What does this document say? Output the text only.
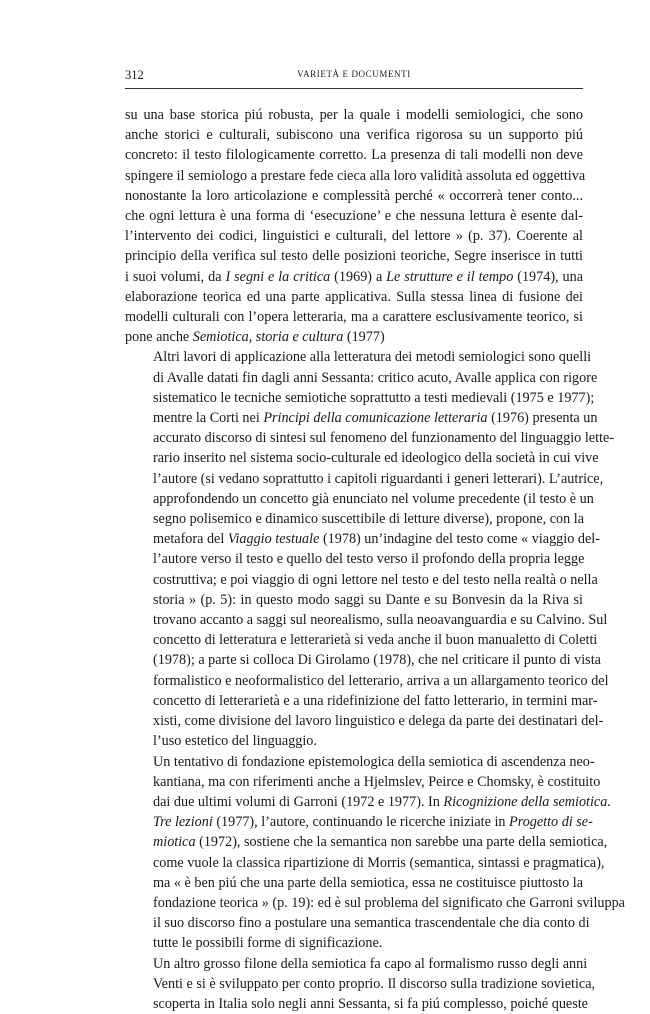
312	VARIETÀ E DOCUMENTI

su una base storica piú robusta, per la quale i modelli semiologici, che sono
anche storici e culturali, subiscono una verifica rigorosa su un supporto piú
concreto: il testo filologicamente corretto. La presenza di tali modelli non deve
spingere il semiologo a prestare fede cieca alla loro validità assoluta ed oggettiva
nonostante la loro articolazione e complessità perché « occorrerà tener conto...
che ogni lettura è una forma di ‘esecuzione’ e che nessuna lettura è esente dal-
l’intervento dei codici, linguistici e culturali, del lettore » (p. 37). Coerente al
principio della verifica sul testo delle posizioni teoriche, Segre inserisce in tutti
i suoi volumi, da I segni e la critica (1969) a Le strutture e il tempo (1974), una
elaborazione teorica ed una parte applicativa. Sulla stessa linea di fusione dei
modelli culturali con l’opera letteraria, ma a carattere esclusivamente teorico, si
pone anche Semiotica, storia e cultura (1977)

Altri lavori di applicazione alla letteratura dei metodi semiologici sono quelli
di Avalle datati fin dagli anni Sessanta: critico acuto, Avalle applica con rigore
sistematico le tecniche semiotiche soprattutto a testi medievali (1975 e 1977);
mentre la Corti nei Principi della comunicazione letteraria (1976) presenta un
accurato discorso di sintesi sul fenomeno del funzionamento del linguaggio lette-
rario inserito nel sistema socio-culturale ed ideologico della società in cui vive
l’autore (si vedano soprattutto i capitoli riguardanti i generi letterari). L’autrice,
approfondendo un concetto già enunciato nel volume precedente (il testo è un
segno polisemico e dinamico suscettibile di letture diverse), propone, con la
metafora del Viaggio testuale (1978) un’indagine del testo come « viaggio del-
l’autore verso il testo e quello del testo verso il profondo della propria legge
costruttiva; e poi viaggio di ogni lettore nel testo e del testo nella realtà o nella
storia » (p. 5): in questo modo saggi su Dante e su Bonvesin da la Riva si
trovano accanto a saggi sul neorealismo, sulla neoavanguardia e su Calvino. Sul
concetto di letteratura e letterarietà si veda anche il buon manualetto di Coletti
(1978); a parte si colloca Di Girolamo (1978), che nel criticare il punto di vista
formalistico e neoformalistico del letterario, arriva a un allargamento teorico del
concetto di letterarietà e a una ridefinizione del fatto letterario, in termini mar-
xisti, come divisione del lavoro linguistico e delega da parte dei destinatari del-
l’uso estetico del linguaggio.

Un tentativo di fondazione epistemologica della semiotica di ascendenza neo-
kantiana, ma con riferimenti anche a Hjelmslev, Peirce e Chomsky, è costituito
dai due ultimi volumi di Garroni (1972 e 1977). In Ricognizione della semiotica.
Tre lezioni (1977), l’autore, continuando le ricerche iniziate in Progetto di se-
miotica (1972), sostiene che la semantica non sarebbe una parte della semiotica,
come vuole la classica ripartizione di Morris (semantica, sintassi e pragmatica),
ma « è ben piú che una parte della semiotica, essa ne costituisce piuttosto la
fondazione teorica » (p. 19): ed è sul problema del significato che Garroni sviluppa
il suo discorso fino a postulare una semantica trascendentale che dia conto di
tutte le possibili forme di significazione.

Un altro grosso filone della semiotica fa capo al formalismo russo degli anni
Venti e si è sviluppato per conto proprio. Il discorso sulla tradizione sovietica,
scoperta in Italia solo negli anni Sessanta, si fa piú complesso, poiché queste
